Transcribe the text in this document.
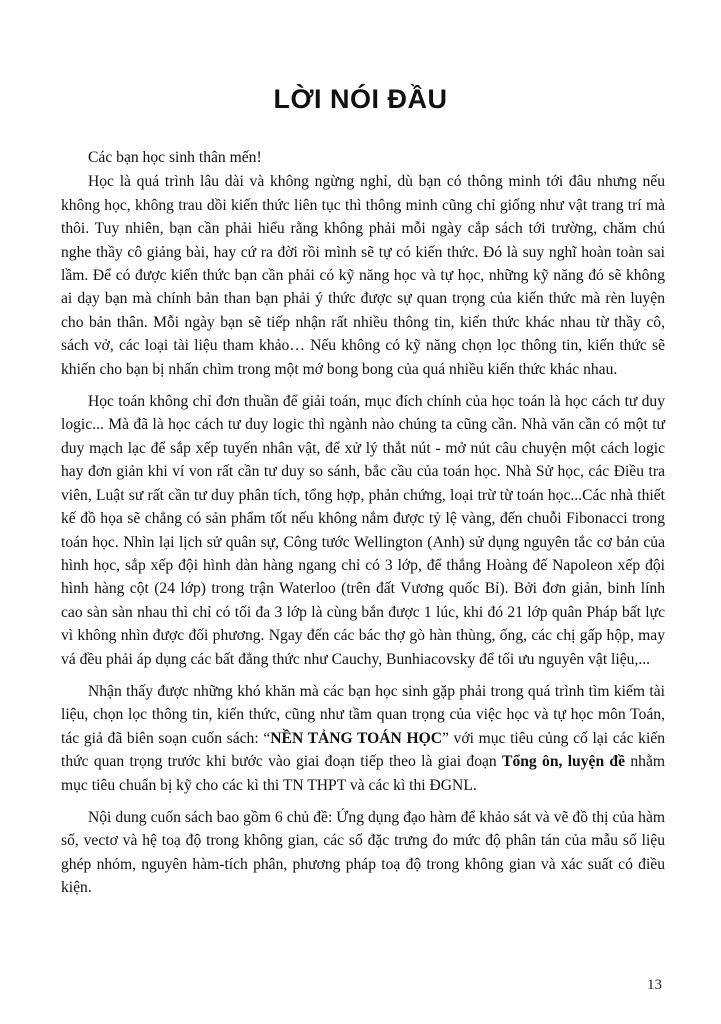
LỜI NÓI ĐẦU

Các bạn học sinh thân mến!

Học là quá trình lâu dài và không ngừng nghỉ, dù bạn có thông minh tới đâu nhưng nếu không học, không trau dồi kiến thức liên tục thì thông minh cũng chỉ giống như vật trang trí mà thôi. Tuy nhiên, bạn cần phải hiểu rằng không phải mỗi ngày cắp sách tới trường, chăm chú nghe thầy cô giảng bài, hay cứ ra đời rồi mình sẽ tự có kiến thức. Đó là suy nghĩ hoàn toàn sai lầm. Để có được kiến thức bạn cần phải có kỹ năng học và tự học, những kỹ năng đó sẽ không ai dạy bạn mà chính bản than bạn phải ý thức được sự quan trọng của kiến thức mà rèn luyện cho bản thân. Mỗi ngày bạn sẽ tiếp nhận rất nhiều thông tin, kiến thức khác nhau từ thầy cô, sách vở, các loại tài liệu tham khảo… Nếu không có kỹ năng chọn lọc thông tin, kiến thức sẽ khiến cho bạn bị nhấn chìm trong một mớ bong bong của quá nhiều kiến thức khác nhau.

Học toán không chỉ đơn thuần để giải toán, mục đích chính của học toán là học cách tư duy logic... Mà đã là học cách tư duy logic thì ngành nào chúng ta cũng cần. Nhà văn cần có một tư duy mạch lạc để sắp xếp tuyến nhân vật, để xử lý thắt nút - mở nút câu chuyện một cách logic hay đơn giản khi ví von rất cần tư duy so sánh, bắc cầu của toán học. Nhà Sử học, các Điều tra viên, Luật sư rất cần tư duy phân tích, tổng hợp, phản chứng, loại trừ từ toán học...Các nhà thiết kế đồ họa sẽ chẳng có sản phẩm tốt nếu không nắm được tỷ lệ vàng, đến chuỗi Fibonacci trong toán học. Nhìn lại lịch sử quân sự, Công tước Wellington (Anh) sử dụng nguyên tắc cơ bản của hình học, sắp xếp đội hình dàn hàng ngang chỉ có 3 lớp, để thắng Hoàng đế Napoleon xếp đội hình hàng cột (24 lớp) trong trận Waterloo (trên đất Vương quốc Bỉ). Bởi đơn giản, binh lính cao sàn sàn nhau thì chỉ có tối đa 3 lớp là cùng bắn được 1 lúc, khi đó 21 lớp quân Pháp bất lực vì không nhìn được đối phương. Ngay đến các bác thợ gò hàn thùng, ống, các chị gấp hộp, may vá đều phải áp dụng các bất đẳng thức như Cauchy, Bunhiacovsky để tối ưu nguyên vật liệu,...

Nhận thấy được những khó khăn mà các bạn học sinh gặp phải trong quá trình tìm kiếm tài liệu, chọn lọc thông tin, kiến thức, cũng như tầm quan trọng của việc học và tự học môn Toán, tác giả đã biên soạn cuốn sách: “NỀN TẢNG TOÁN HỌC” với mục tiêu củng cố lại các kiến thức quan trọng trước khi bước vào giai đoạn tiếp theo là giai đoạn Tổng ôn, luyện đề nhằm mục tiêu chuẩn bị kỹ cho các kì thi TN THPT và các kì thi ĐGNL.

Nội dung cuốn sách bao gồm 6 chủ đề: Ứng dụng đạo hàm để khảo sát và vẽ đồ thị của hàm số, vectơ và hệ toạ độ trong không gian, các số đặc trưng đo mức độ phân tán của mẫu số liệu ghép nhóm, nguyên hàm-tích phân, phương pháp toạ độ trong không gian và xác suất có điều kiện.

13
